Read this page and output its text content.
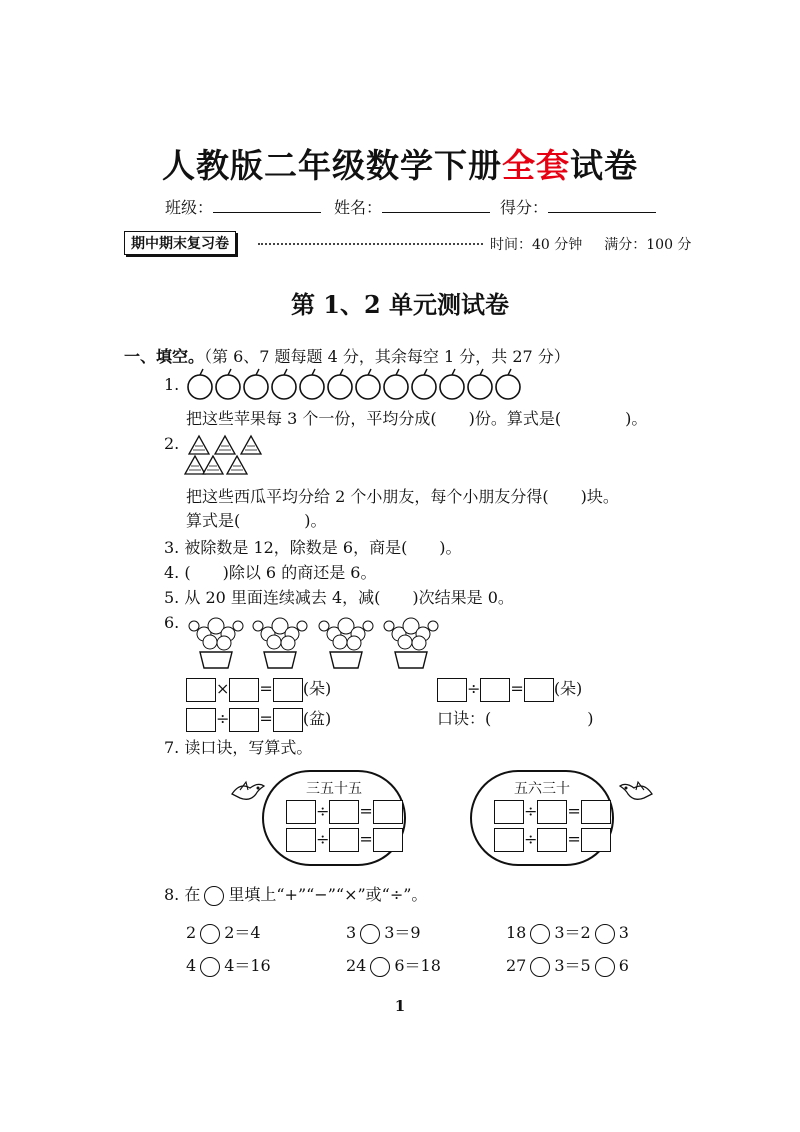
人教版二年级数学下册全套试卷
班级：	姓名：	得分：
期中期末复习卷	时间：40 分钟 满分：100 分
第 1、2 单元测试卷
一、填空。（第 6、7 题每题 4 分，其余每空 1 分，共 27 分）
1.
把这些苹果每 3 个一份，平均分成(　　)份。算式是(　　　　)。
2.
把这些西瓜平均分给 2 个小朋友，每个小朋友分得(　　)块。
算式是(　　　　)。
3. 被除数是 12，除数是 6，商是(　　)。
4. (　　)除以 6 的商还是 6。
5. 从 20 里面连续减去 4，减(　　)次结果是 0。
6.
× = (朵)	÷ = (朵)
÷ = (盆)	口诀：(　　　　　　)
7. 读口诀，写算式。
三五十五
÷ =
÷ =
五六三十
÷ =
÷ =
8. 在 里填上“+”“−”“×”或“÷”。
2 2＝4	3 3＝9	18 3＝2 3
4 4＝16	24 6＝18	27 3＝5 6
1
